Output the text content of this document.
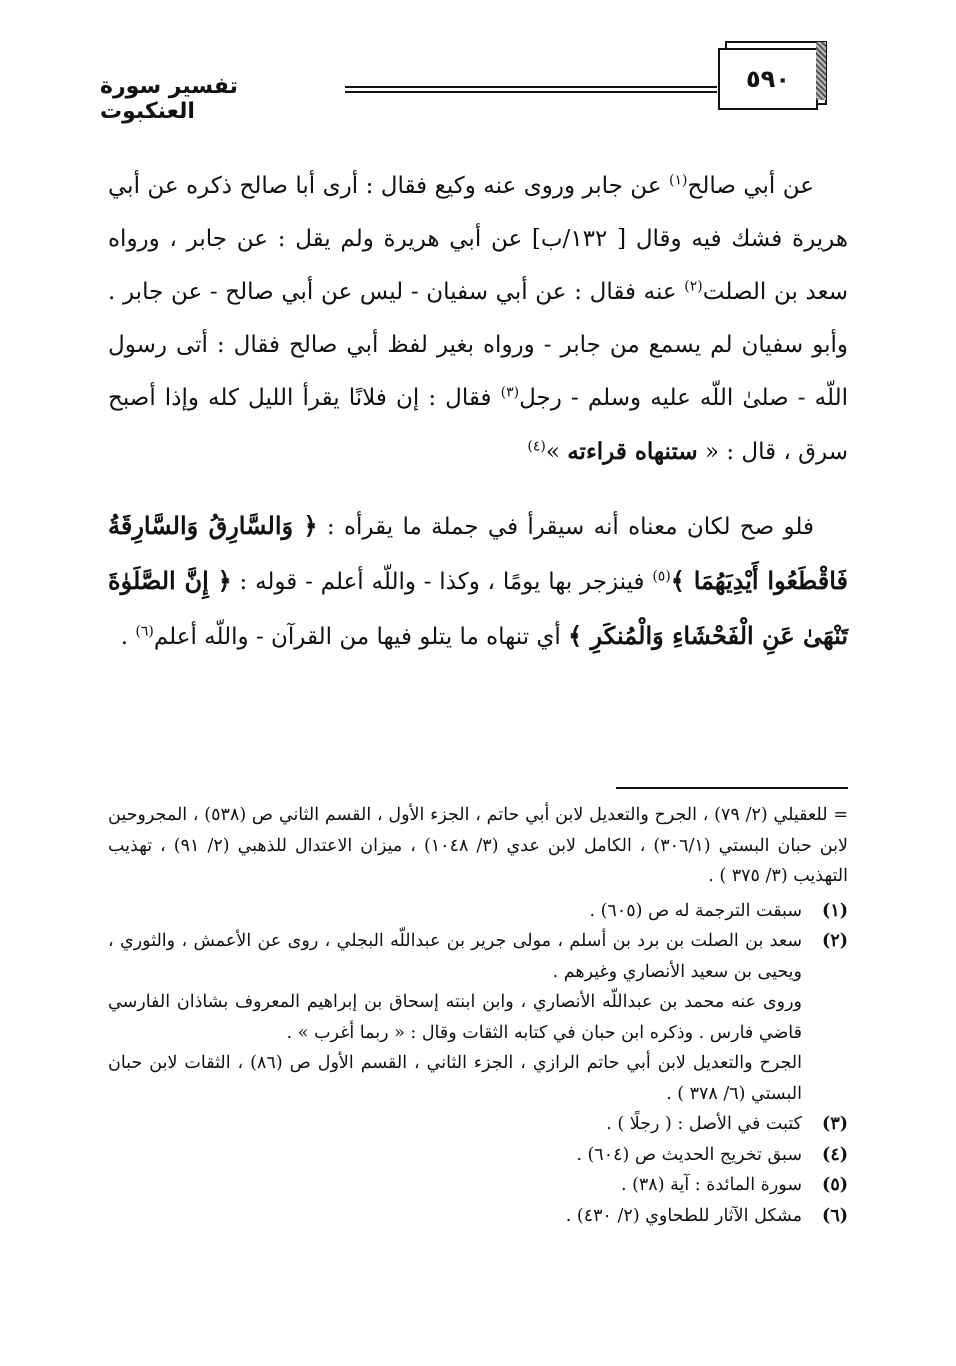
٥٩٠
تفسير سورة العنكبوت

عن أبي صالح$^{(١)}$ عن جابر وروى عنه وكيع فقال : أرى أبا صالح ذكره عن أبي هريرة فشك فيه وقال [ ١٣٢/ب] عن أبي هريرة ولم يقل : عن جابر ، ورواه سعد بن الصلت$^{(٢)}$ عنه فقال : عن أبي سفيان - ليس عن أبي صالح - عن جابر . وأبو سفيان لم يسمع من جابر - ورواه بغير لفظ أبي صالح فقال : أتى رسول اللّه - صلىٰ اللّه عليه وسلم - رجل$^{(٣)}$ فقال : إن فلانًا يقرأ الليل كله وإذا أصبح سرق ، قال : « ستنهاه قراءته »$^{(٤)}$

فلو صح لكان معناه أنه سيقرأ في جملة ما يقرأه : ﴿ وَالسَّارِقُ وَالسَّارِقَةُ فَاقْطَعُوا أَيْدِيَهُمَا ﴾$^{(٥)}$ فينزجر بها يومًا ، وكذا - واللّه أعلم - قوله : ﴿ إِنَّ الصَّلَوٰةَ تَنْهَىٰ عَنِ الْفَحْشَاءِ وَالْمُنكَرِ ﴾ أي تنهاه ما يتلو فيها من القرآن - واللّه أعلم$^{(٦)}$ .

= للعقيلي (٢/ ٧٩) ، الجرح والتعديل لابن أبي حاتم ، الجزء الأول ، القسم الثاني ص (٥٣٨) ، المجروحين لابن حبان البستي (٣٠٦/١) ، الكامل لابن عدي (٣/ ١٠٤٨) ، ميزان الاعتدال للذهبي (٢/ ٩١) ، تهذيب التهذيب (٣/ ٣٧٥ ) .

(١)
سبقت الترجمة له ص (٦٠٥) .
(٢)
سعد بن الصلت بن برد بن أسلم ، مولى جرير بن عبداللّه البجلي ، روى عن الأعمش ، والثوري ، ويحيى بن سعيد الأنصاري وغيرهم .
وروى عنه محمد بن عبداللّه الأنصاري ، وابن ابنته إسحاق بن إبراهيم المعروف بشاذان الفارسي قاضي فارس . وذكره ابن حبان في كتابه الثقات وقال : « ربما أغرب » .
الجرح والتعديل لابن أبي حاتم الرازي ، الجزء الثاني ، القسم الأول ص (٨٦) ، الثقات لابن حبان البستي (٦/ ٣٧٨ ) .
(٣)
كتبت في الأصل : ( رجلًا ) .
(٤)
سبق تخريج الحديث ص (٦٠٤) .
(٥)
سورة المائدة : آية (٣٨) .
(٦)
مشكل الآثار للطحاوي (٢/ ٤٣٠) .
